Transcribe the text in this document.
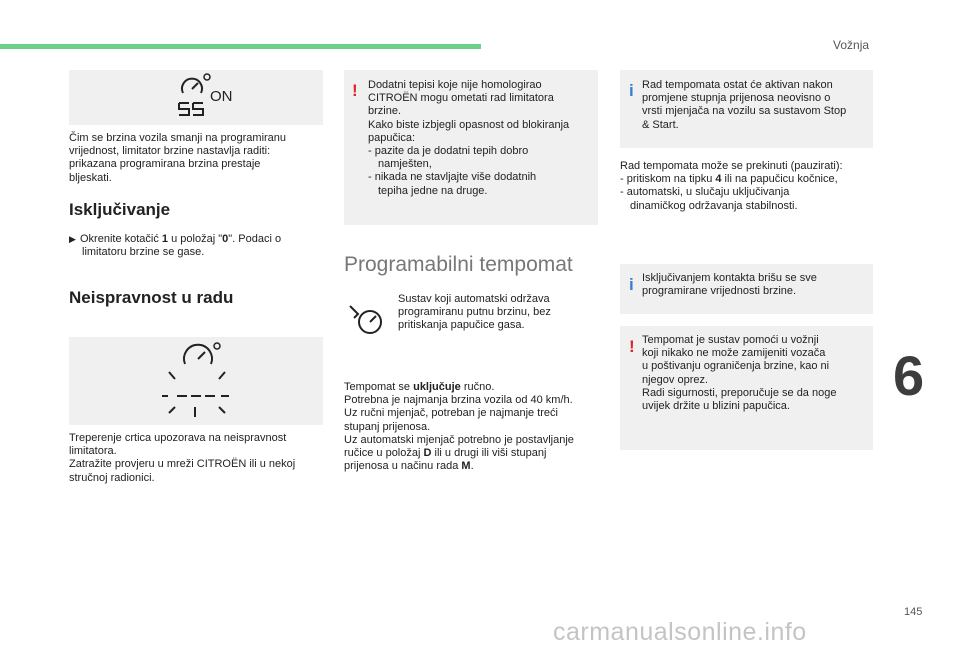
Vožnja
6
145
carmanualsonline.info
ON
Čim se brzina vozila smanji na programiranu
vrijednost, limitator brzine nastavlja raditi:
prikazana programirana brzina prestaje
bljeskati.
Isključivanje
▶ Okrenite kotačić 1 u položaj "0". Podaci o
limitatoru brzine se gase.
Neispravnost u radu
Treperenje crtica upozorava na neispravnost
limitatora.
Zatražite provjeru u mreži CITROËN ili u nekoj
stručnoj radionici.
! Dodatni tepisi koje nije homologirao
CITROËN mogu ometati rad limitatora
brzine.
Kako biste izbjegli opasnost od blokiranja
papučica:
- pazite da je dodatni tepih dobro
namješten,
- nikada ne stavljajte više dodatnih
tepiha jedne na druge.
Programabilni tempomat
Sustav koji automatski održava
programiranu putnu brzinu, bez
pritiskanja papučice gasa.
Tempomat se uključuje ručno.
Potrebna je najmanja brzina vozila od 40 km/h.
Uz ručni mjenjač, potreban je najmanje treći
stupanj prijenosa.
Uz automatski mjenjač potrebno je postavljanje
ručice u položaj D ili u drugi ili viši stupanj
prijenosa u načinu rada M.
i Rad tempomata ostat će aktivan nakon
promjene stupnja prijenosa neovisno o
vrsti mjenjača na vozilu sa sustavom Stop
& Start.
Rad tempomata može se prekinuti (pauzirati):
- pritiskom na tipku 4 ili na papučicu kočnice,
- automatski, u slučaju uključivanja
dinamičkog održavanja stabilnosti.
i Isključivanjem kontakta brišu se sve
programirane vrijednosti brzine.
! Tempomat je sustav pomoći u vožnji
koji nikako ne može zamijeniti vozača
u poštivanju ograničenja brzine, kao ni
njegov oprez.
Radi sigurnosti, preporučuje se da noge
uvijek držite u blizini papučica.
